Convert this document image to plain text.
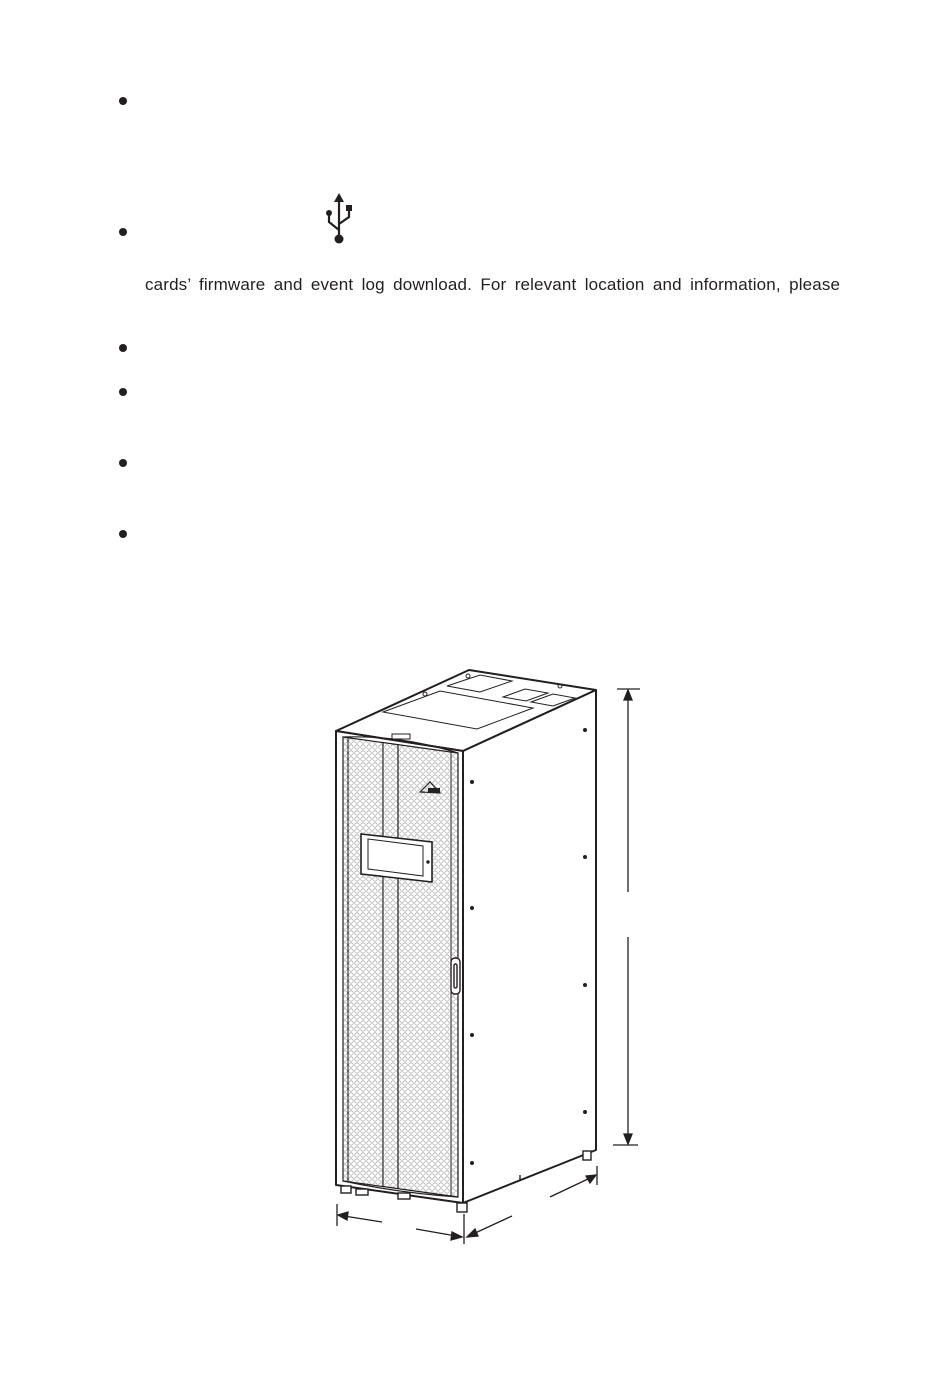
cards’ firmware and event log download. For relevant location and information, please
